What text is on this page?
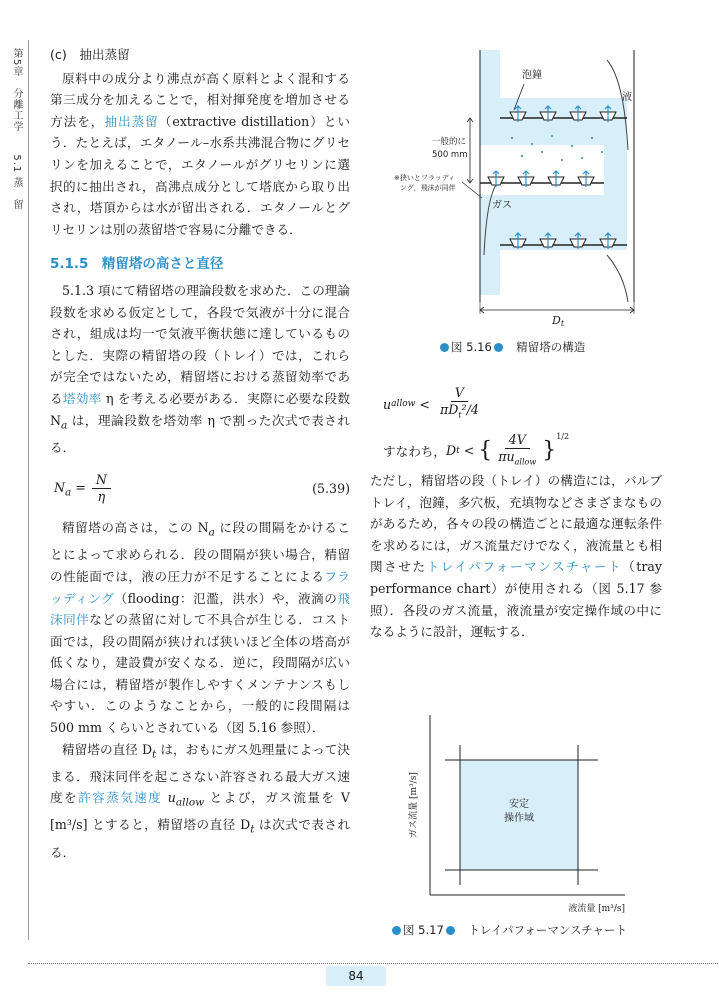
第5章　分離工学　　5.1 蒸　留 (c)　抽出蒸留

原料中の成分より沸点が高く原料とよく混和する第三成分を加えることで，相対揮発度を増加させる方法を，抽出蒸留（extractive distillation）という．たとえば，エタノール–水系共沸混合物にグリセリンを加えることで，エタノールがグリセリンに選択的に抽出され，高沸点成分として塔底から取り出され，塔頂からは水が留出される．エタノールとグリセリンは別の蒸留塔で容易に分離できる．

5.1.5　精留塔の高さと直径

5.1.3 項にて精留塔の理論段数を求めた．この理論段数を求める仮定として，各段で気液が十分に混合され，組成は均一で気液平衡状態に達しているものとした．実際の精留塔の段（トレイ）では，これらが完全ではないため，精留塔における蒸留効率である塔効率 η を考える必要がある．実際に必要な段数 $N_a$ は，理論段数を塔効率 η で割った次式で表される．

$N_a = \frac{N}{\eta}$	(5.39)

精留塔の高さは，この $N_a$ に段の間隔をかけることによって求められる．段の間隔が狭い場合，精留の性能面では，液の圧力が不足することによるフラッディング（flooding：氾濫，洪水）や，液滴の飛沫同伴などの蒸留に対して不具合が生じる．コスト面では，段の間隔が狭ければ狭いほど全体の塔高が低くなり，建設費が安くなる．逆に，段間隔が広い場合には，精留塔が製作しやすくメンテナンスもしやすい．このようなことから，一般的に段間隔は 500 mm くらいとされている（図 5.16 参照）．

精留塔の直径 $D_t$ は，おもにガス処理量によって決まる．飛沫同伴を起こさない許容される最大ガス速度を許容蒸気速度 $u_{allow}$ とよび，ガス流量を V [m³/s] とすると，精留塔の直径 $D_t$ は次式で表される．

泡鐘
液
一般的に
500 mm
※狭いとフラッディ
ング，飛沫が同伴
ガス
Dt
図 5.16　 精留塔の構造
u allow < $\frac{V}{\pi D_t^2/4}$
すなわち， D t < { $\frac{4V}{\pi u_{allow}}$ }
$^{1/2}$
ただし，精留塔の段（トレイ）の構造には，バルブトレイ，泡鐘，多穴板，充填物などさまざまなものがあるため，各々の段の構造ごとに最適な運転条件を求めるには，ガス流量だけでなく，液流量とも相関させたトレイパフォーマンスチャート（tray performance chart）が使用される（図 5.17 参照）．各段のガス流量，液流量が安定操作域の中になるように設計，運転する．
安定
操作域
ガス流量 [m³/s]
液流量 [m³/s]
図 5.17　 トレイパフォーマンスチャート
84
